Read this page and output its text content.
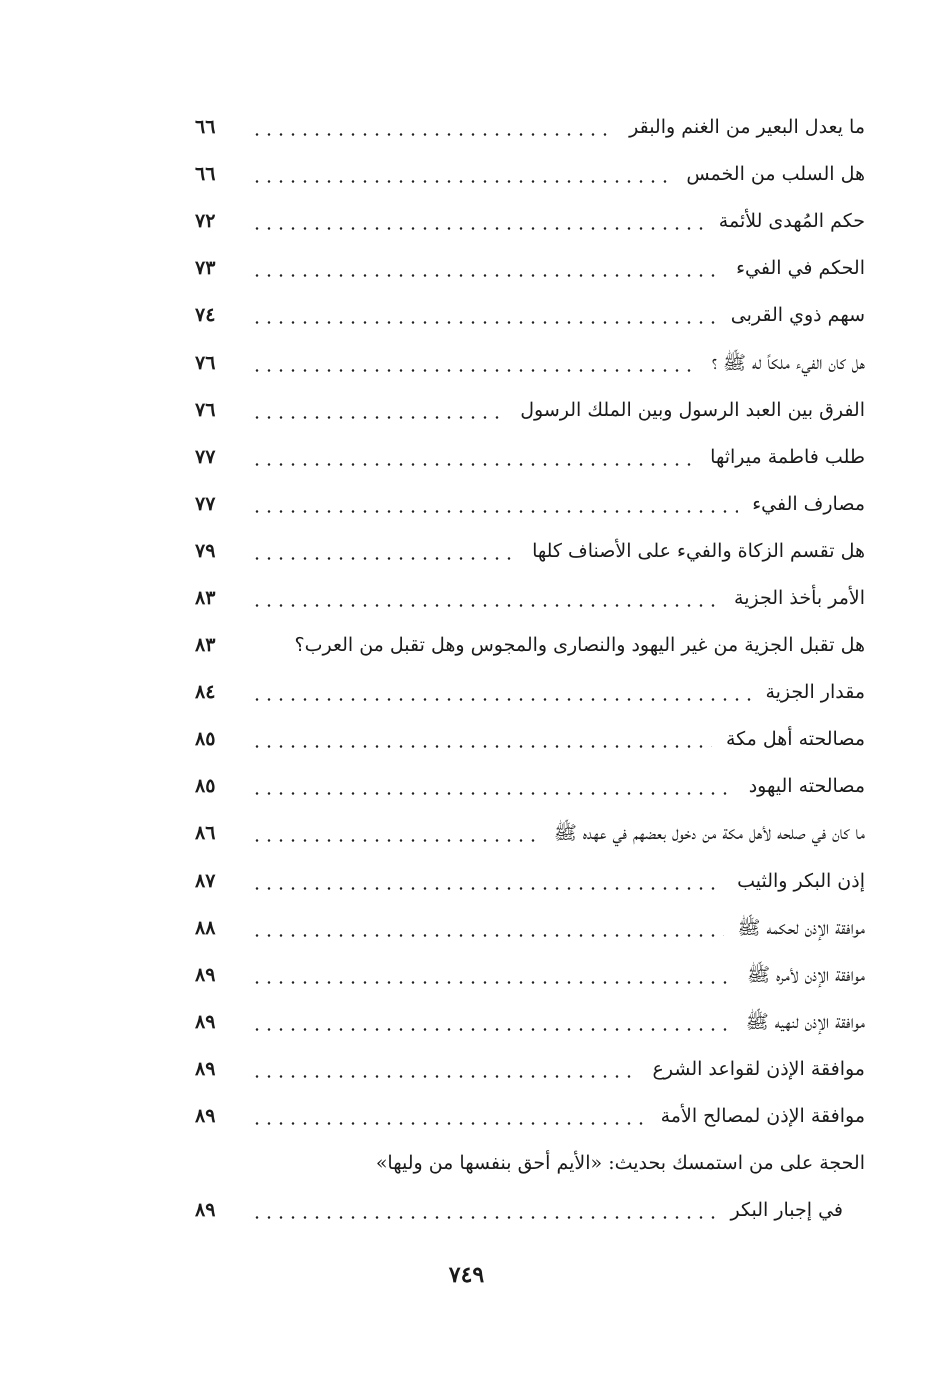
ما يعدل البعير من الغنم والبقر
٦٦
هل السلب من الخمس
٦٦
حكم المُهدى للأئمة
٧٢
الحكم في الفيء
٧٣
سهم ذوي القربى
٧٤
هل كان الفيء ملكاً له ﷺ ؟
٧٦
الفرق بين العبد الرسول وبين الملك الرسول
٧٦
طلب فاطمة ميراثها
٧٧
مصارف الفيء
٧٧
هل تقسم الزكاة والفيء على الأصناف كلها
٧٩
الأمر بأخذ الجزية
٨٣
هل تقبل الجزية من غير اليهود والنصارى والمجوس وهل تقبل من العرب؟
٨٣
مقدار الجزية
٨٤
مصالحته أهل مكة
٨٥
مصالحته اليهود
٨٥
ما كان في صلحه لأهل مكة من دخول بعضهم في عهده ﷺ
٨٦
إذن البكر والثيب
٨٧
موافقة الإذن لحكمه ﷺ
٨٨
موافقة الإذن لأمره ﷺ
٨٩
موافقة الإذن لنهيه ﷺ
٨٩
موافقة الإذن لقواعد الشرع
٨٩
موافقة الإذن لمصالح الأمة
٨٩
الحجة على من استمسك بحديث: «الأيم أحق بنفسها من وليها»
في إجبار البكر
٨٩
٧٤٩
